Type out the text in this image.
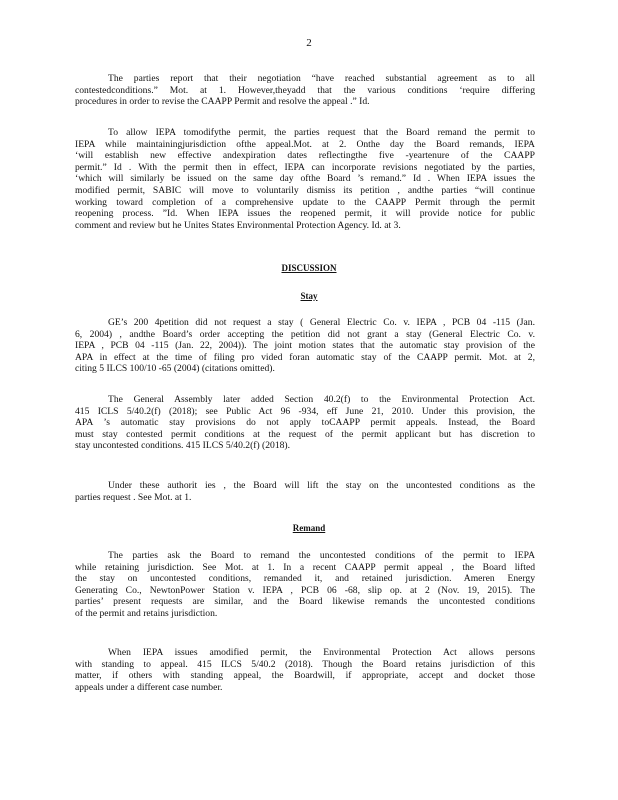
2
The parties report that their negotiation “have reached substantial agreement as to all
contestedconditions.” Mot. at 1. However,theyadd that the various conditions ‘require differing
procedures in order to revise the CAAPP Permit and resolve the appeal .” Id.
To allow IEPA tomodifythe permit, the parties request that the Board remand the permit to
IEPA while maintainingjurisdiction ofthe appeal.Mot. at 2. Onthe day the Board remands, IEPA
‘will establish new effective andexpiration dates reflectingthe five -yeartenure of the CAAPP
permit.” Id . With the permit then in effect, IEPA can incorporate revisions negotiated by the parties,
‘which will similarly be issued on the same day ofthe Board ’s remand.” Id . When IEPA issues the
modified permit, SABIC will move to voluntarily dismiss its petition , andthe parties “will continue
working toward completion of a comprehensive update to the CAAPP Permit through the permit
reopening process. ”Id. When IEPA issues the reopened permit, it will provide notice for public
comment and review but he Unites States Environmental Protection Agency. Id. at 3.
DISCUSSION
Stay
GE’s 200 4petition did not request a stay ( General Electric Co. v. IEPA , PCB 04 -115 (Jan.
6, 2004) , andthe Board’s order accepting the petition did not grant a stay (General Electric Co. v.
IEPA , PCB 04 -115 (Jan. 22, 2004)). The joint motion states that the automatic stay provision of the
APA in effect at the time of filing pro vided foran automatic stay of the CAAPP permit. Mot. at 2,
citing 5 ILCS 100/10 -65 (2004) (citations omitted).
The General Assembly later added Section 40.2(f) to the Environmental Protection Act.
415 ICLS 5/40.2(f) (2018); see Public Act 96 -934, eff June 21, 2010. Under this provision, the
APA ’s automatic stay provisions do not apply toCAAPP permit appeals. Instead, the Board
must stay contested permit conditions at the request of the permit applicant but has discretion to
stay uncontested conditions. 415 ILCS 5/40.2(f) (2018).
Under these authorit ies , the Board will lift the stay on the uncontested conditions as the
parties request . See Mot. at 1.
Remand
The parties ask the Board to remand the uncontested conditions of the permit to IEPA
while retaining jurisdiction. See Mot. at 1. In a recent CAAPP permit appeal , the Board lifted
the stay on uncontested conditions, remanded it, and retained jurisdiction. Ameren Energy
Generating Co., NewtonPower Station v. IEPA , PCB 06 -68, slip op. at 2 (Nov. 19, 2015). The
parties’ present requests are similar, and the Board likewise remands the uncontested conditions
of the permit and retains jurisdiction.
When IEPA issues amodified permit, the Environmental Protection Act allows persons
with standing to appeal. 415 ILCS 5/40.2 (2018). Though the Board retains jurisdiction of this
matter, if others with standing appeal, the Boardwill, if appropriate, accept and docket those
appeals under a different case number.
